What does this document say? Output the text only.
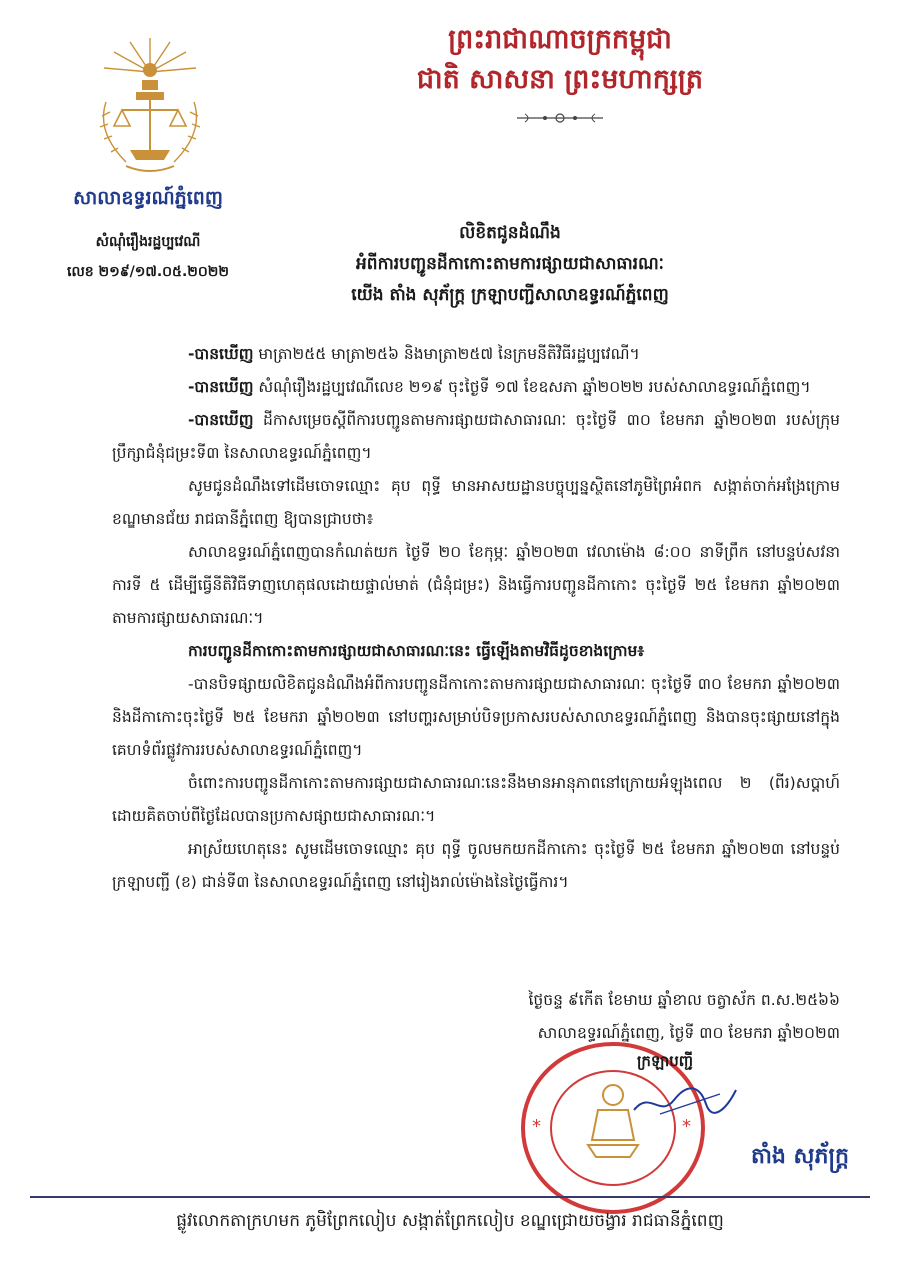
ព្រះរាជាណាចក្រកម្ពុជា
ជាតិ សាសនា ព្រះមហាក្សត្រ
សាលាឧទ្ធរណ៍ភ្នំពេញ
សំណុំរឿងរដ្ឋប្បវេណី
លេខ ២១៩/១៧.០៥.២០២២
លិខិតជូនដំណឹង
អំពីការបញ្ជូនដីកាកោះតាមការផ្សាយជាសាធារណៈ
យើង តាំង សុភ័ក្រ្ត ក្រឡាបញ្ជីសាលាឧទ្ធរណ៍ភ្នំពេញ

-បានឃើញ មាត្រា២៥៥ មាត្រា២៥៦ និងមាត្រា២៥៧ នៃក្រមនីតិវិធីរដ្ឋប្បវេណី។

-បានឃើញ សំណុំរឿងរដ្ឋប្បវេណីលេខ ២១៩ ចុះថ្ងៃទី ១៧ ខែឧសភា ឆ្នាំ២០២២ របស់សាលាឧទ្ធរណ៍ភ្នំពេញ។

-បានឃើញ ដីកាសម្រេចស្តីពីការបញ្ជូនតាមការផ្សាយជាសាធារណៈ ចុះថ្ងៃទី ៣០ ខែមករា ឆ្នាំ២០២៣ របស់ក្រុមប្រឹក្សាជំនុំជម្រះទី៣ នៃសាលាឧទ្ធរណ៍ភ្នំពេញ។

សូមជូនដំណឹងទៅដើមចោទឈ្មោះ គុប ពុទ្ធី មានអាសយដ្ឋានបច្ចុប្បន្នស្ថិតនៅភូមិព្រៃអំពក សង្កាត់ចាក់អង្រែក្រោម ខណ្ឌមានជ័យ រាជធានីភ្នំពេញ ឱ្យបានជ្រាបថា៖

សាលាឧទ្ធរណ៍ភ្នំពេញបានកំណត់យក ថ្ងៃទី ២០ ខែកុម្ភៈ ឆ្នាំ២០២៣ វេលាម៉ោង ៨:០០ នាទីព្រឹក នៅបន្ទប់សវនាការទី ៥ ដើម្បីធ្វើនីតិវិធីទាញហេតុផលដោយផ្ទាល់មាត់ (ជំនុំជម្រះ) និងធ្វើការបញ្ជូនដីកាកោះ ចុះថ្ងៃទី ២៥ ខែមករា ឆ្នាំ២០២៣ តាមការផ្សាយសាធារណៈ។

ការបញ្ជូនដីកាកោះតាមការផ្សាយជាសាធារណៈនេះ ធ្វើឡើងតាមវិធីដូចខាងក្រោម៖

-បានបិទផ្សាយលិខិតជូនដំណឹងអំពីការបញ្ជូនដីកាកោះតាមការផ្សាយជាសាធារណៈ ចុះថ្ងៃទី ៣០ ខែមករា ឆ្នាំ២០២៣ និងដីកាកោះចុះថ្ងៃទី ២៥ ខែមករា ឆ្នាំ២០២៣ នៅបញ្ហរសម្រាប់បិទប្រកាសរបស់សាលាឧទ្ធរណ៍ភ្នំពេញ និងបានចុះផ្សាយនៅក្នុងគេហទំព័រផ្លូវការរបស់សាលាឧទ្ធរណ៍ភ្នំពេញ។

ចំពោះការបញ្ជូនដីកាកោះតាមការផ្សាយជាសាធារណៈនេះនឹងមានអានុភាពនៅក្រោយអំឡុងពេល ២ (ពីរ)សប្តាហ៍ ដោយគិតចាប់ពីថ្ងៃដែលបានប្រកាសផ្សាយជាសាធារណៈ។

អាស្រ័យហេតុនេះ សូមដើមចោទឈ្មោះ គុប ពុទ្ធី ចូលមកយកដីកាកោះ ចុះថ្ងៃទី ២៥ ខែមករា ឆ្នាំ២០២៣ នៅបន្ទប់ក្រឡាបញ្ជី (ខ) ជាន់ទី៣ នៃសាលាឧទ្ធរណ៍ភ្នំពេញ នៅរៀងរាល់ម៉ោងនៃថ្ងៃធ្វើការ។

ថ្ងៃចន្ទ ៩កើត ខែមាឃ ឆ្នាំខាល ចត្វាស័ក ព.ស.២៥៦៦
សាលាឧទ្ធរណ៍ភ្នំពេញ, ថ្ងៃទី ៣០ ខែមករា ឆ្នាំ២០២៣
*	*
ក្រឡាបញ្ជី
តាំង សុភ័ក្រ្ត
ផ្លូវលោកតាក្រហមក ភូមិព្រែកលៀប សង្កាត់ព្រែកលៀប ខណ្ឌជ្រោយចង្វារ រាជធានីភ្នំពេញ
